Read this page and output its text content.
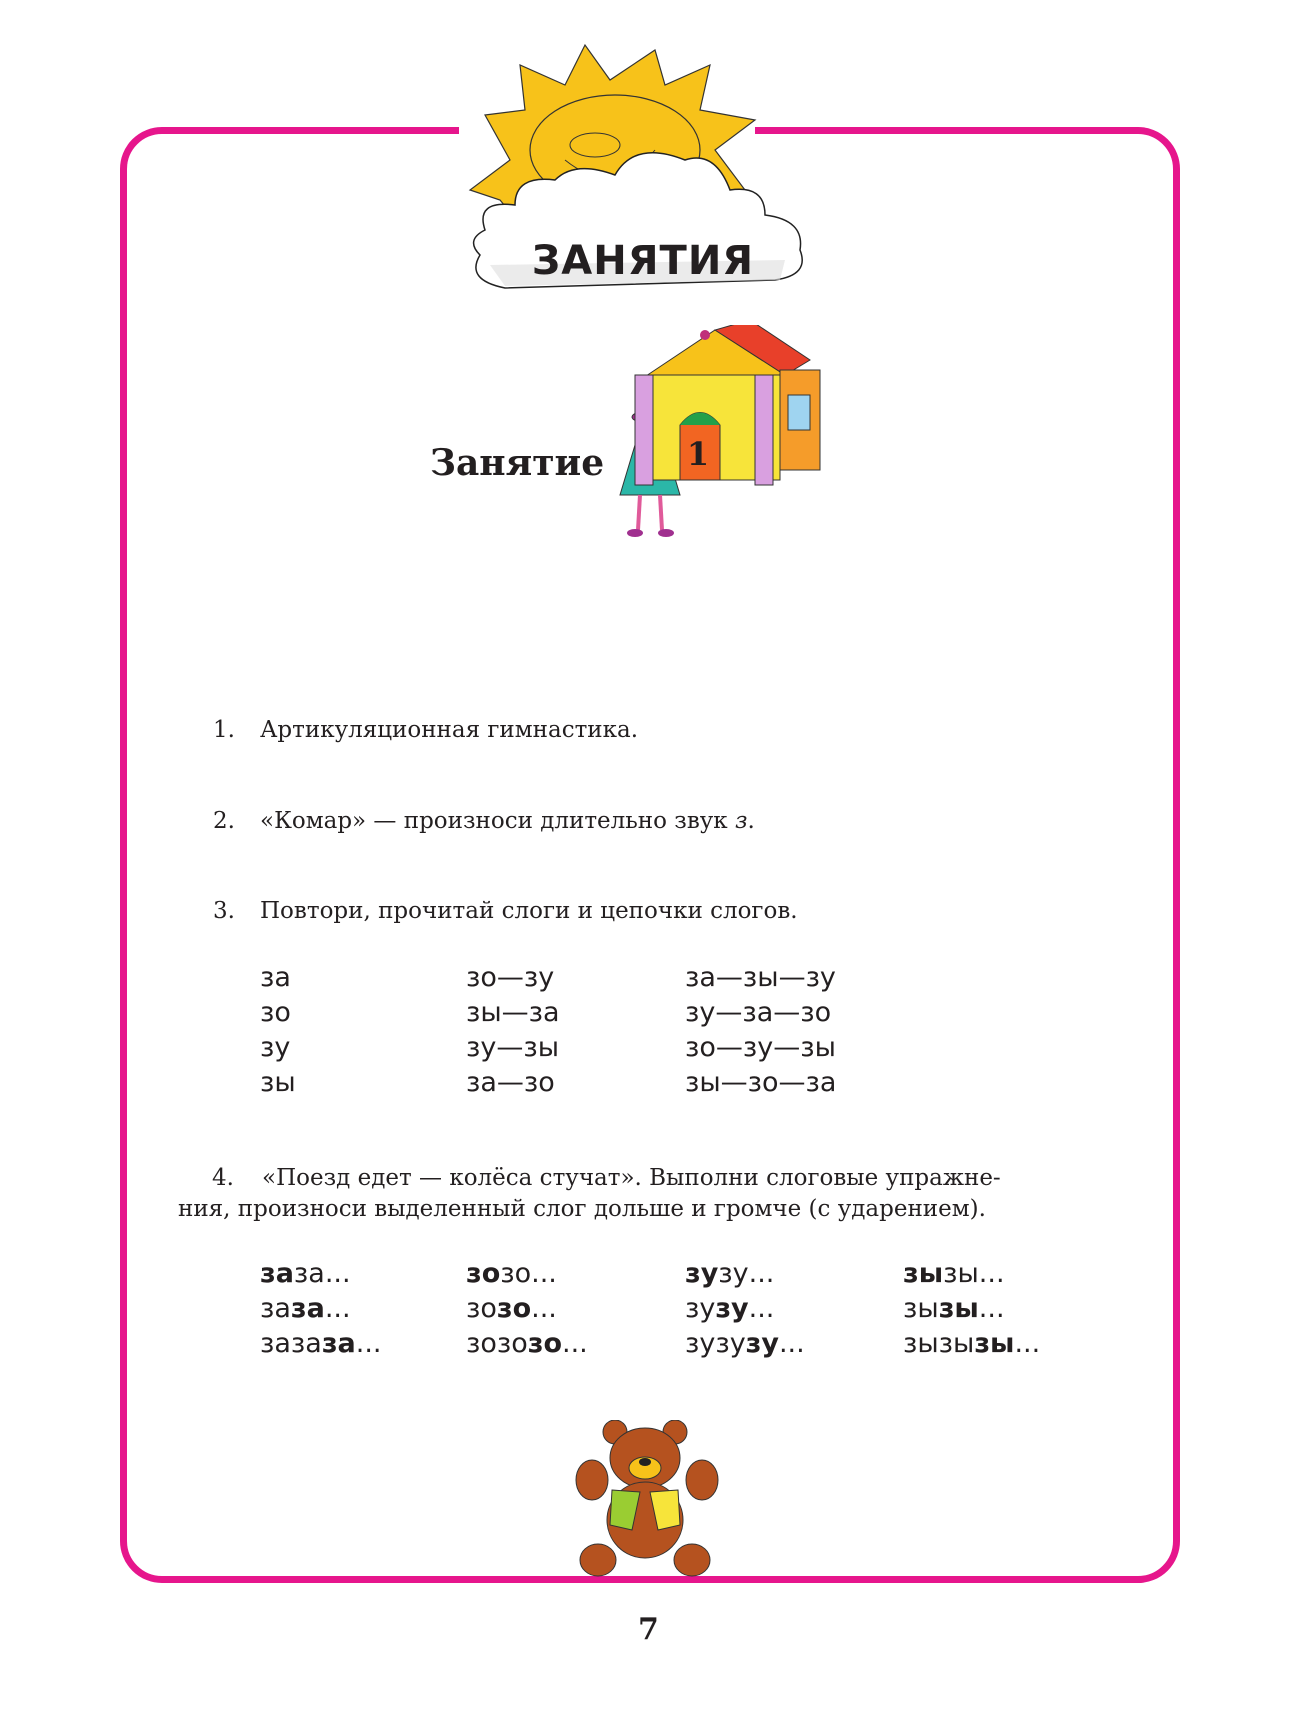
ЗАНЯТИЯ
Занятие	1
1. Артикуляционная гимнастика.
2. «Комар» — произноси длительно звук з.
3. Повтори, прочитай слоги и цепочки слогов.
за
зо
зу
зы
зо—зу
зы—за
зу—зы
за—зо
за—зы—зу
зу—за—зо
зо—зу—зы
зы—зо—за
4. «Поезд едет — колёса стучат». Выполни слоговые упражне-
ния, произноси выделенный слог дольше и громче (с ударением).
заза...
заза...
зазаза...
зозо...
зозо...
зозозо...
зузу...
зузу...
зузузу...
зызы...
зызы...
зызызы...
7
